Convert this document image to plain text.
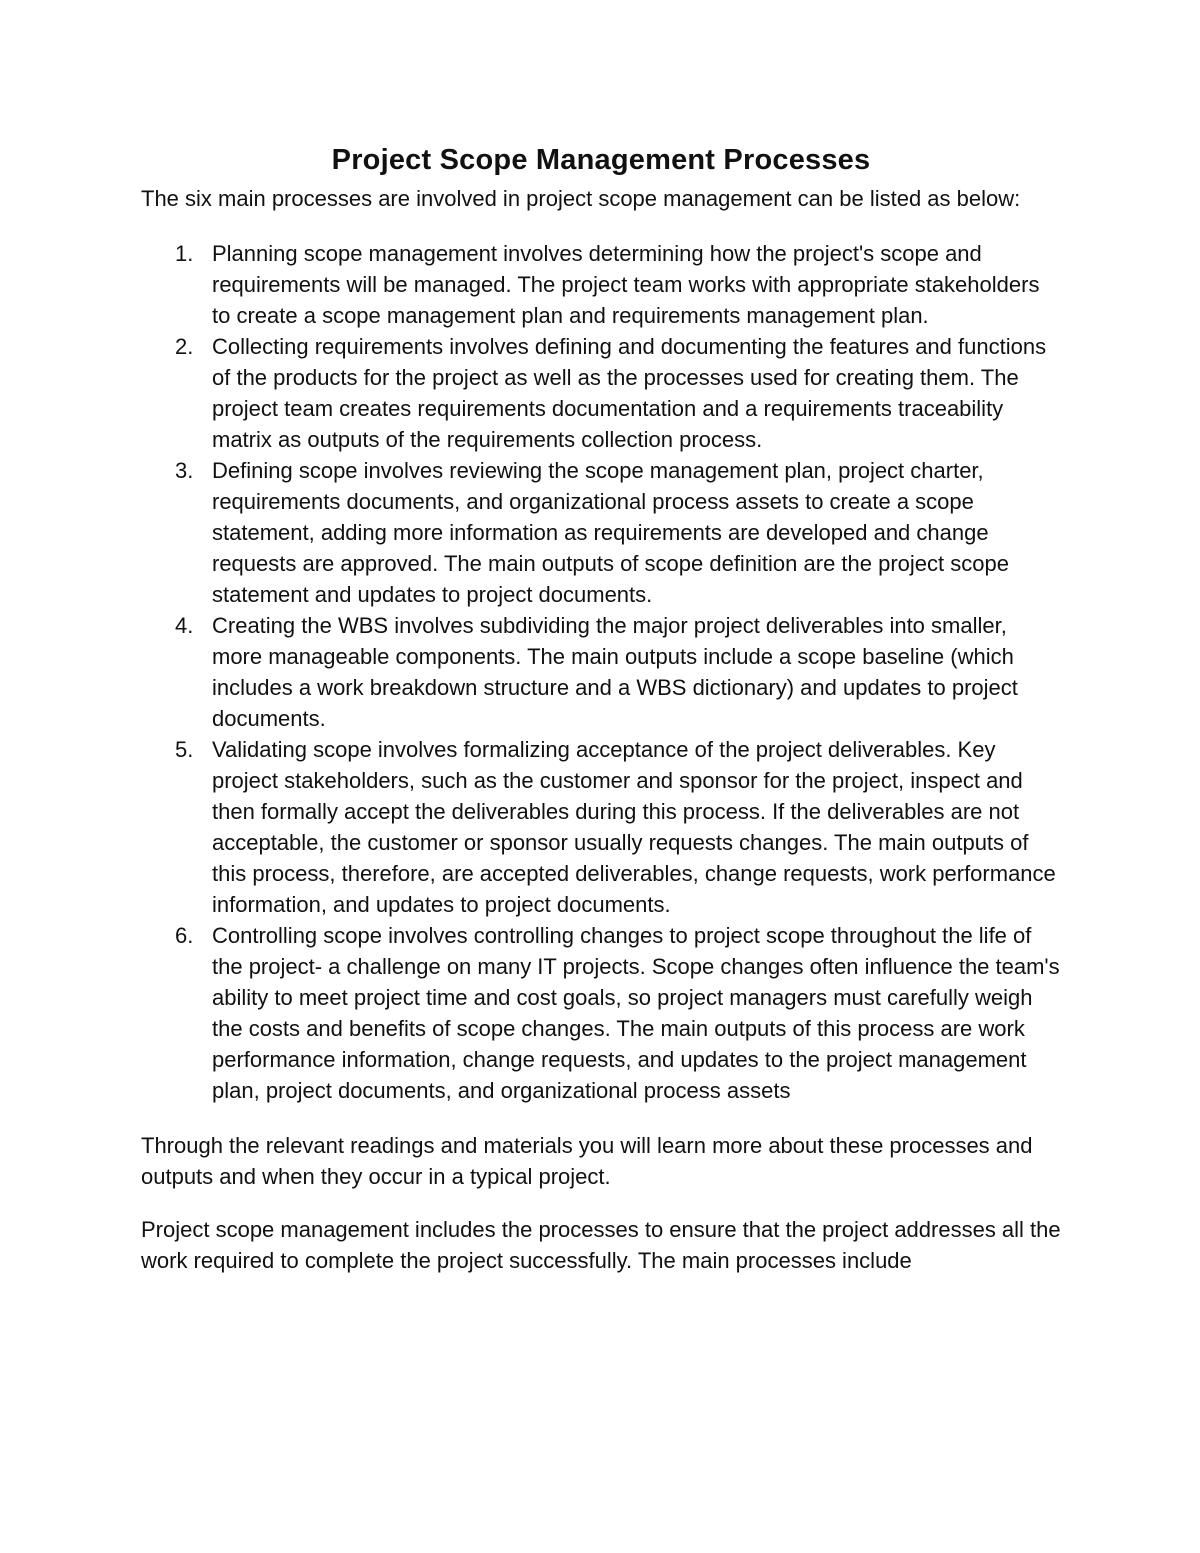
Project Scope Management Processes

The six main processes are involved in project scope management can be listed as below:

1. Planning scope management involves determining how the project's scope and requirements will be managed. The project team works with appropriate stakeholders to create a scope management plan and requirements management plan.
2. Collecting requirements involves defining and documenting the features and functions of the products for the project as well as the processes used for creating them. The project team creates requirements documentation and a requirements traceability matrix as outputs of the requirements collection process.
3. Defining scope involves reviewing the scope management plan, project charter, requirements documents, and organizational process assets to create a scope statement, adding more information as requirements are developed and change requests are approved. The main outputs of scope definition are the project scope statement and updates to project documents.
4. Creating the WBS involves subdividing the major project deliverables into smaller, more manageable components. The main outputs include a scope baseline (which includes a work breakdown structure and a WBS dictionary) and updates to project documents.
5. Validating scope involves formalizing acceptance of the project deliverables. Key project stakeholders, such as the customer and sponsor for the project, inspect and then formally accept the deliverables during this process. If the deliverables are not acceptable, the customer or sponsor usually requests changes. The main outputs of this process, therefore, are accepted deliverables, change requests, work performance information, and updates to project documents.
6. Controlling scope involves controlling changes to project scope throughout the life of the project- a challenge on many IT projects. Scope changes often influence the team's ability to meet project time and cost goals, so project managers must carefully weigh the costs and benefits of scope changes. The main outputs of this process are work performance information, change requests, and updates to the project management plan, project documents, and organizational process assets

Through the relevant readings and materials you will learn more about these processes and outputs and when they occur in a typical project.

Project scope management includes the processes to ensure that the project addresses all the work required to complete the project successfully. The main processes include
